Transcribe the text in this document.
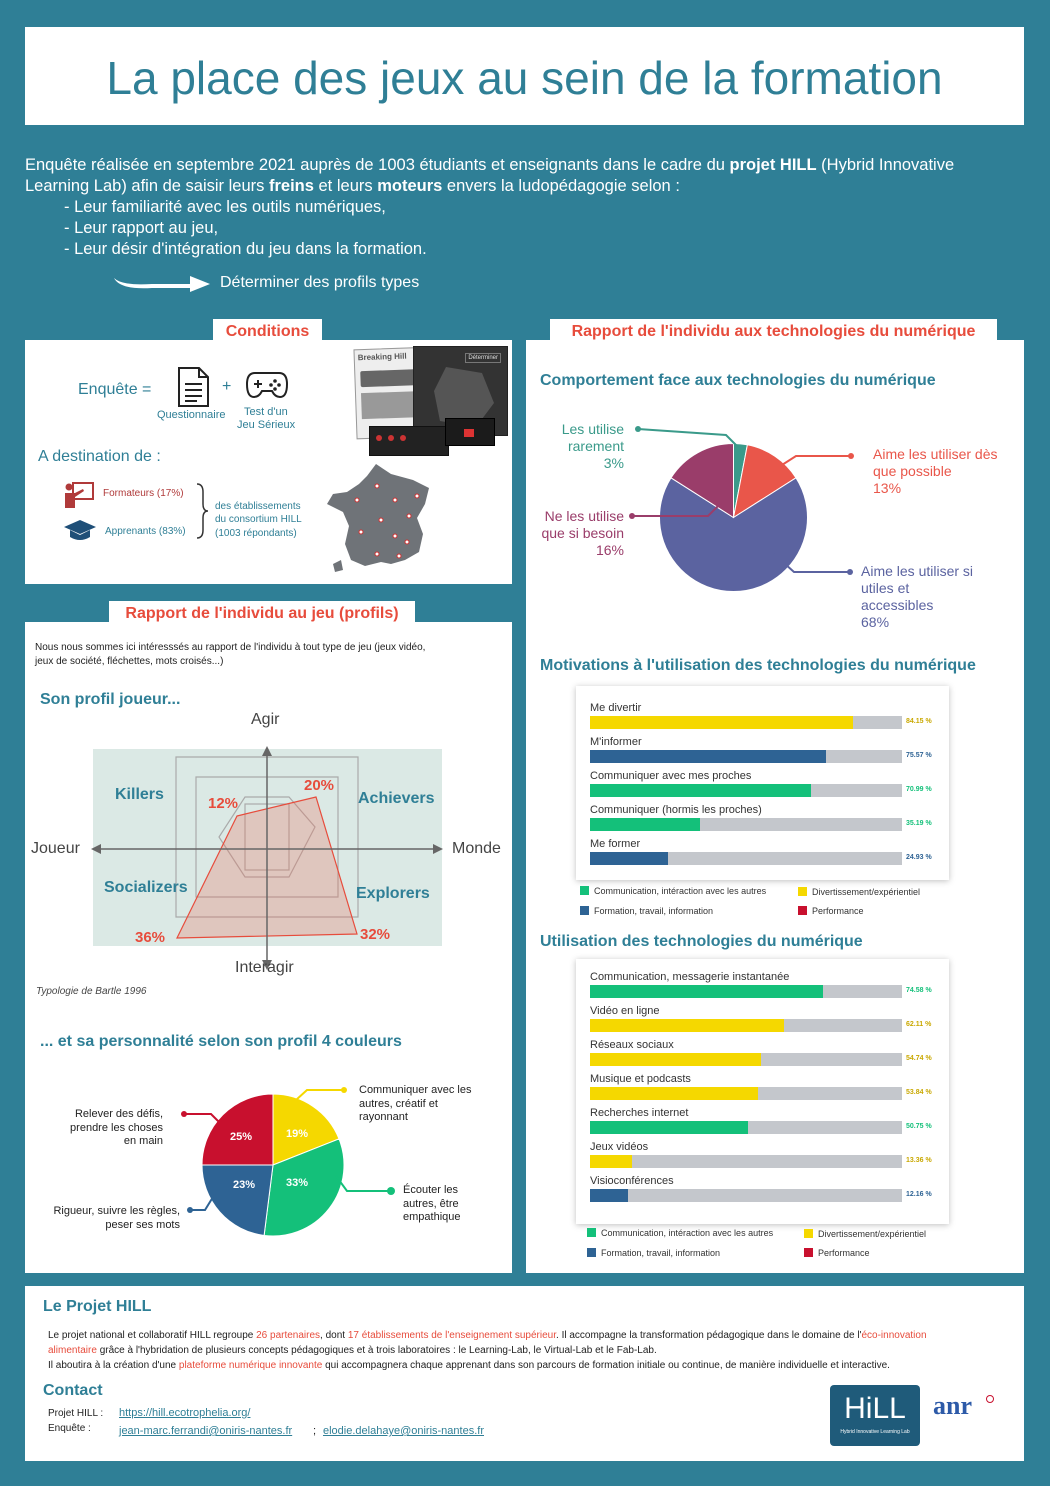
La place des jeux au sein de la formation
Enquête réalisée en septembre 2021 auprès de 1003 étudiants et enseignants dans le cadre du projet HILL (Hybrid Innovative
Learning Lab) afin de saisir leurs freins et leurs moteurs envers la ludopédagogie selon :
- Leur familiarité avec les outils numériques,
- Leur rapport au jeu,
- Leur désir d'intégration du jeu dans la formation.
Déterminer des profils types
Enquête =	+
Questionnaire Test d'un
Jeu Sérieux
Breaking Hill	Déterminer
A destination de :
Formateurs (17%)
Apprenants (83%)
des établissements
du consortium HILL
(1003 répondants)
Conditions
Comportement face aux technologies du numérique
Les utilise
rarement
3%
Aime les utiliser dès
que possible
13%
Ne les utilise
que si besoin
16%
Aime les utiliser si
utiles et
accessibles
68%
Motivations à l'utilisation des technologies du numérique
Me divertir
84.15 %
M'informer
75.57 %
Communiquer avec mes proches
70.99 %
Communiquer (hormis les proches)
35.19 %
Me former
24.93 %
Communication, intéraction avec les autres	Divertissement/expérientiel
Formation, travail, information	Performance
Utilisation des technologies du numérique
Communication, messagerie instantanée
74.58 %
Vidéo en ligne
62.11 %
Réseaux sociaux
54.74 %
Musique et podcasts
53.84 %
Recherches internet
50.75 %
Jeux vidéos
13.36 %
Visioconférences
12.16 %
Communication, intéraction avec les autres	Divertissement/expérientiel
Formation, travail, information	Performance
Rapport de l'individu aux technologies du numérique
Nous nous sommes ici intéresssés au rapport de l'individu à tout type de jeu (jeux vidéo,
jeux de société, fléchettes, mots croisés...)
Son profil joueur...
Agir
Interagir
Joueur	Monde
Killers	Achievers
Socializers	Explorers
12%
20%
36%	32%
Typologie de Bartle 1996
... et sa personnalité selon son profil 4 couleurs
19%
33%
23%
25%
Communiquer avec les
autres, créatif et
rayonnant
Écouter les
autres, être
empathique
Rigueur, suivre les règles,
peser ses mots
Relever des défis,
prendre les choses
en main
Rapport de l'individu au jeu (profils)
Le Projet HILL
Le projet national et collaboratif HILL regroupe 26 partenaires, dont 17 établissements de l'enseignement supérieur. Il accompagne la transformation pédagogique dans le domaine de l'éco-innovation
alimentaire grâce à l'hybridation de plusieurs concepts pédagogiques et à trois laboratoires : le Learning-Lab, le Virtual-Lab et le Fab-Lab.
Il aboutira à la création d'une plateforme numérique innovante qui accompagnera chaque apprenant dans son parcours de formation initiale ou continue, de manière individuelle et interactive.
Contact
Projet HILL : https://hill.ecotrophelia.org/
Enquête :	jean-marc.ferrandi@oniris-nantes.fr ; elodie.delahaye@oniris-nantes.fr
HiLL
Hybrid Innovative Learning Lab
anr
